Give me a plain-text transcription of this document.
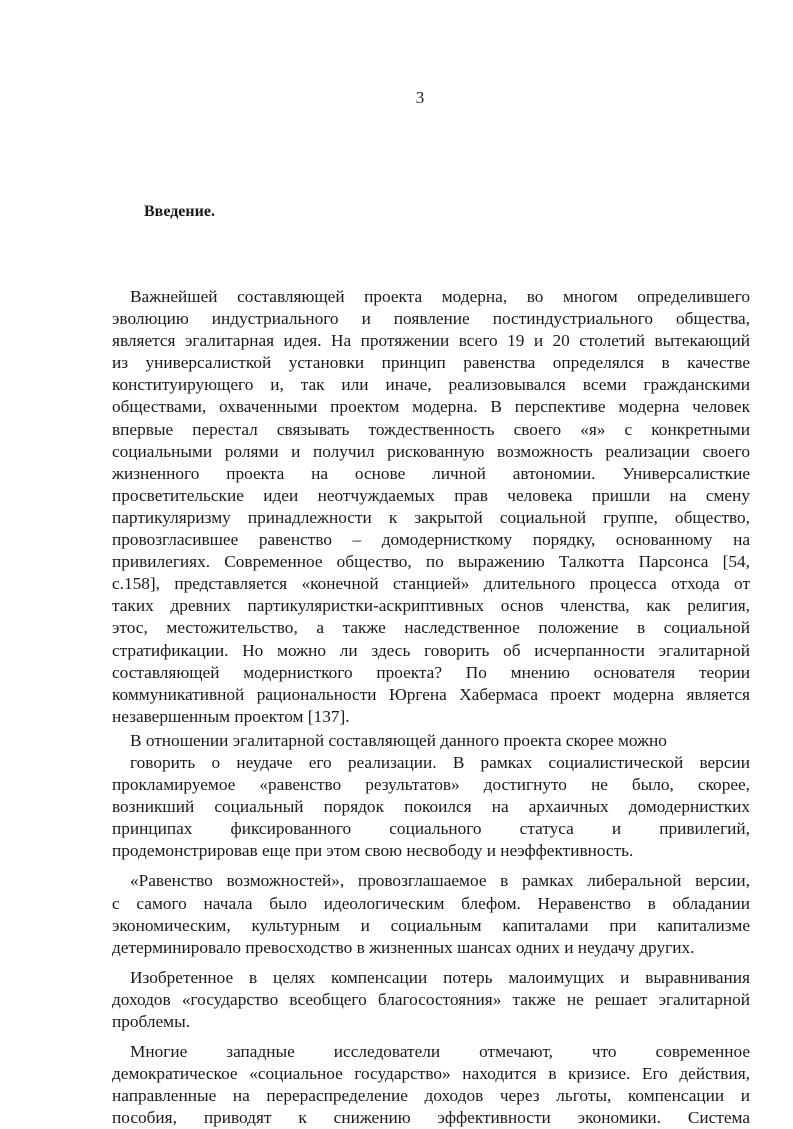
3
Введение.
Важнейшей составляющей проекта модерна, во многом определившего
эволюцию индустриального и появление постиндустриального общества,
является эгалитарная идея. На протяжении всего 19 и 20 столетий вытекающий
из универсалисткой установки принцип равенства определялся в качестве
конституирующего и, так или иначе, реализовывался всеми гражданскими
обществами, охваченными проектом модерна. В перспективе модерна человек
впервые перестал связывать тождественность своего «я» с конкретными
социальными ролями и получил рискованную возможность реализации своего
жизненного проекта на основе личной автономии. Универсалисткие
просветительские идеи неотчуждаемых прав человека пришли на смену
партикуляризму принадлежности к закрытой социальной группе, общество,
провозгласившее равенство – домодернисткому порядку, основанному на
привилегиях. Современное общество, по выражению Талкотта Парсонса [54,
с.158], представляется «конечной станцией» длительного процесса отхода от
таких древних партикуляристки-аскриптивных основ членства, как религия,
этос, местожительство, а также наследственное положение в социальной
стратификации. Но можно ли здесь говорить об исчерпанности эгалитарной
составляющей модернисткого проекта? По мнению основателя теории
коммуникативной рациональности Юргена Хабермаса проект модерна является
незавершенным проектом [137].
В отношении эгалитарной составляющей данного проекта скорее можно
говорить о неудаче его реализации. В рамках социалистической версии
прокламируемое «равенство результатов» достигнуто не было, скорее,
возникший социальный порядок покоился на архаичных домодернистких
принципах фиксированного социального статуса и привилегий,
продемонстрировав еще при этом свою несвободу и неэффективность.
«Равенство возможностей», провозглашаемое в рамках либеральной версии,
с самого начала было идеологическим блефом. Неравенство в обладании
экономическим, культурным и социальным капиталами при капитализме
детерминировало превосходство в жизненных шансах одних и неудачу других.
Изобретенное в целях компенсации потерь малоимущих и выравнивания
доходов «государство всеобщего благосостояния» также не решает эгалитарной
проблемы.
Многие западные исследователи отмечают, что современное
демократическое «социальное государство» находится в кризисе. Его действия,
направленные на перераспределение доходов через льготы, компенсации и
пособия, приводят к снижению эффективности экономики. Система
